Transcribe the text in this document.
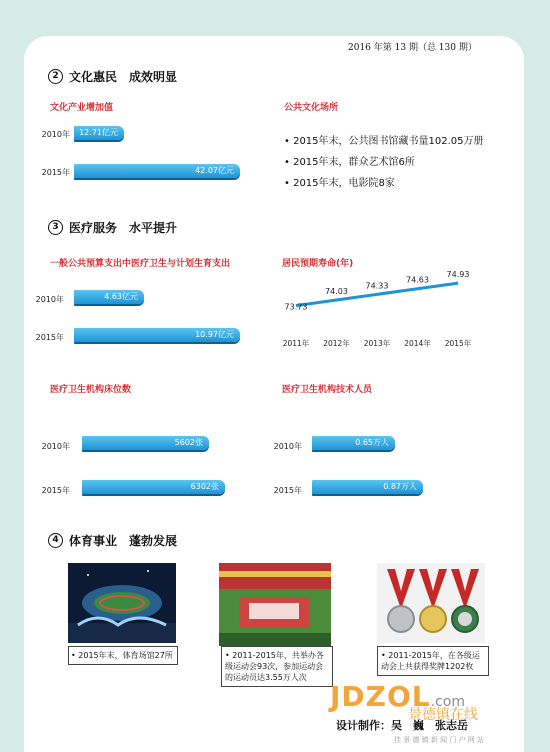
2016 年第 13 期（总 130 期）
2 文化惠民　成效明显
文化产业增加值
2010年	12.71亿元
2015年	42.07亿元
公共文化场所
• 2015年末，公共图书馆藏书量102.05万册
• 2015年末，群众艺术馆6所
• 2015年末，电影院8家
3 医疗服务　水平提升
一般公共预算支出中医疗卫生与计划生育支出
2010年	4.63亿元
2015年	10.97亿元
居民预期寿命(年)
73.73
2011年
74.03
2012年
74.33
2013年
74.63
2014年
74.93
2015年
医疗卫生机构床位数
2010年	5602张
2015年	6302张
医疗卫生机构技术人员
2010年	0.65万人
2015年	0.87万人
4 体育事业　蓬勃发展
• 2015年末，体育场馆27所	• 2011-2015年，共举办各级运动会93次，参加运动会的运动员达3.55万人次
• 2011-2015年，在各级运动会上共获得奖牌1202枚
JDZOL.com
景德镇在线
设计制作：吴　巍　张志岳
佳 景 德 镇 新 闻 门 户 网 站
